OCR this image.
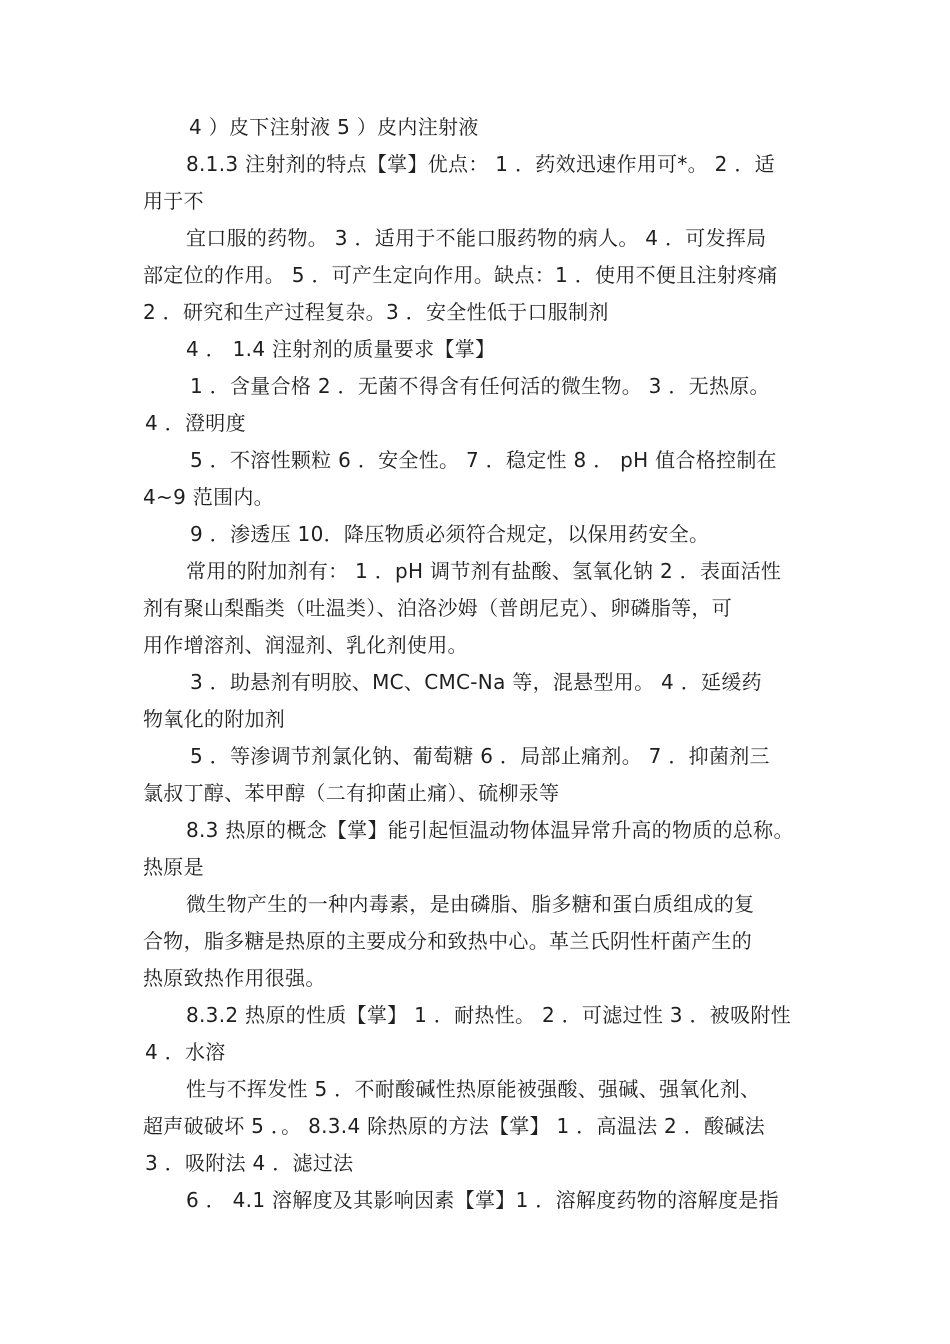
4 ）皮下注射液 5 ）皮内注射液
8.1.3 注射剂的特点【掌】优点： 1 ．药效迅速作用可*。 2 ．适
用于不
宜口服的药物。 3 ．适用于不能口服药物的病人。 4 ．可发挥局
部定位的作用。 5 ．可产生定向作用。缺点：1 ．使用不便且注射疼痛
2 ．研究和生产过程复杂。3 ．安全性低于口服制剂
4 ． 1.4 注射剂的质量要求【掌】
1 ．含量合格 2 ．无菌不得含有任何活的微生物。 3 ．无热原。
4 ．澄明度
5 ．不溶性颗粒 6 ．安全性。 7 ．稳定性 8 ． pH 值合格控制在
4~9 范围内。
9 ．渗透压 10．降压物质必须符合规定，以保用药安全。
常用的附加剂有： 1 ．pH 调节剂有盐酸、氢氧化钠 2 ．表面活性
剂有聚山梨酯类（吐温类）、泊洛沙姆（普朗尼克）、卵磷脂等，可
用作增溶剂、润湿剂、乳化剂使用。
3 ．助悬剂有明胶、MC、CMC-Na 等，混悬型用。 4 ．延缓药
物氧化的附加剂
5 ．等渗调节剂氯化钠、葡萄糖 6 ．局部止痛剂。 7 ．抑菌剂三
氯叔丁醇、苯甲醇（二有抑菌止痛）、硫柳汞等
8.3 热原的概念【掌】能引起恒温动物体温异常升高的物质的总称。
热原是
微生物产生的一种内毒素，是由磷脂、脂多糖和蛋白质组成的复
合物，脂多糖是热原的主要成分和致热中心。革兰氏阴性杆菌产生的
热原致热作用很强。
8.3.2 热原的性质【掌】 1 ．耐热性。 2 ．可滤过性 3 ．被吸附性
4 ．水溶
性与不挥发性 5 ．不耐酸碱性热原能被强酸、强碱、强氧化剂、
超声破破坏 5 ．。 8.3.4 除热原的方法【掌】 1 ．高温法 2 ．酸碱法
3 ．吸附法 4 ．滤过法
6 ． 4.1 溶解度及其影响因素【掌】1 ．溶解度药物的溶解度是指
